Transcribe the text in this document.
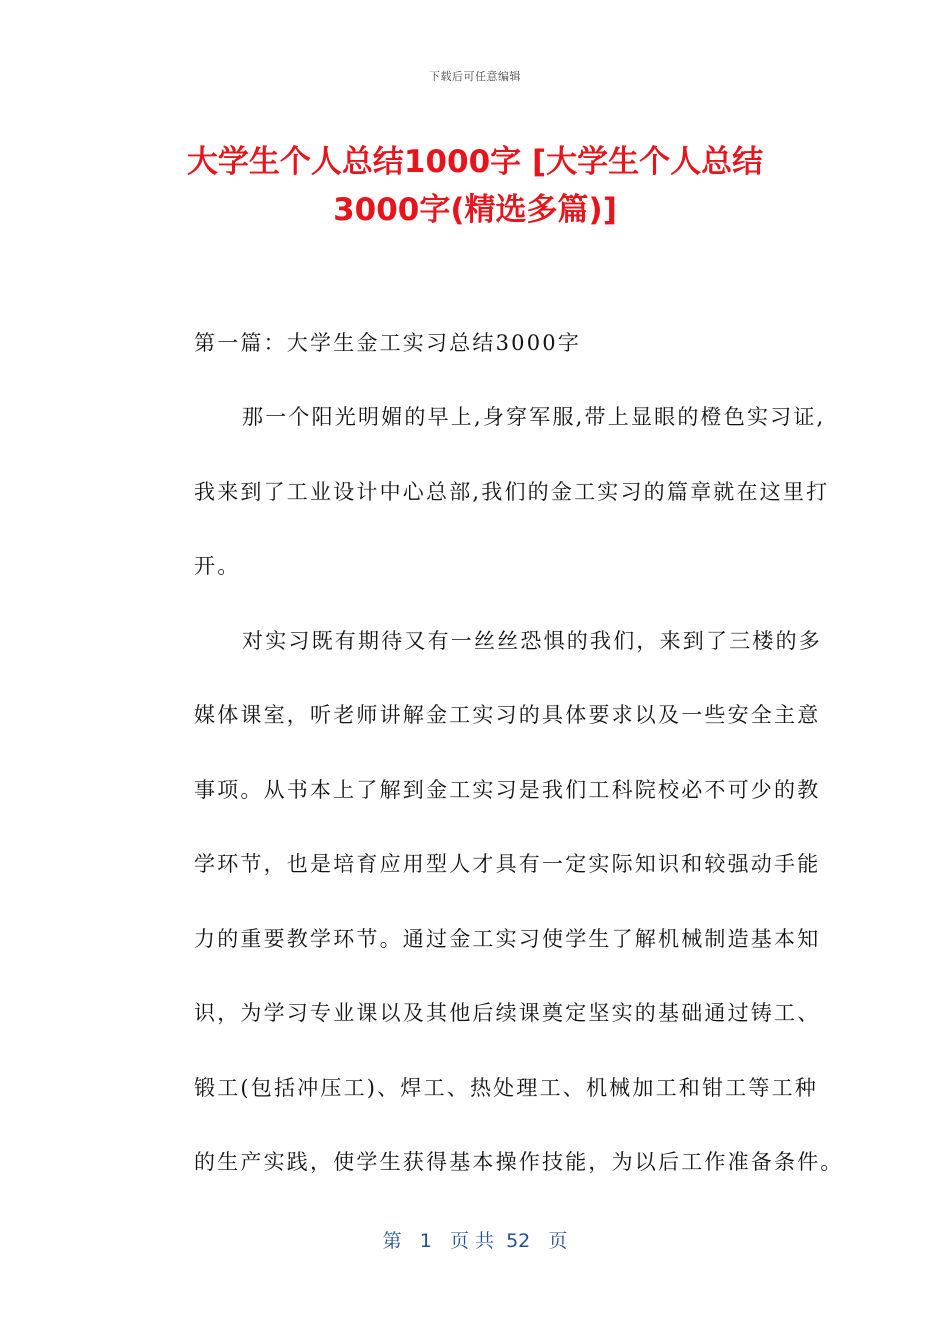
下载后可任意编辑
大学生个人总结1000字 [大学生个人总结
3000字(精选多篇)]

第一篇：大学生金工实习总结3000字

那一个阳光明媚的早上,身穿军服,带上显眼的橙色实习证,
我来到了工业设计中心总部,我们的金工实习的篇章就在这里打
开。
对实习既有期待又有一丝丝恐惧的我们，来到了三楼的多
媒体课室，听老师讲解金工实习的具体要求以及一些安全主意
事项。从书本上了解到金工实习是我们工科院校必不可少的教
学环节，也是培育应用型人才具有一定实际知识和较强动手能
力的重要教学环节。通过金工实习使学生了解机械制造基本知
识，为学习专业课以及其他后续课奠定坚实的基础通过铸工、
锻工(包括冲压工)、焊工、热处理工、机械加工和钳工等工种
的生产实践，使学生获得基本操作技能，为以后工作准备条件。
第 1 页 共 52 页
